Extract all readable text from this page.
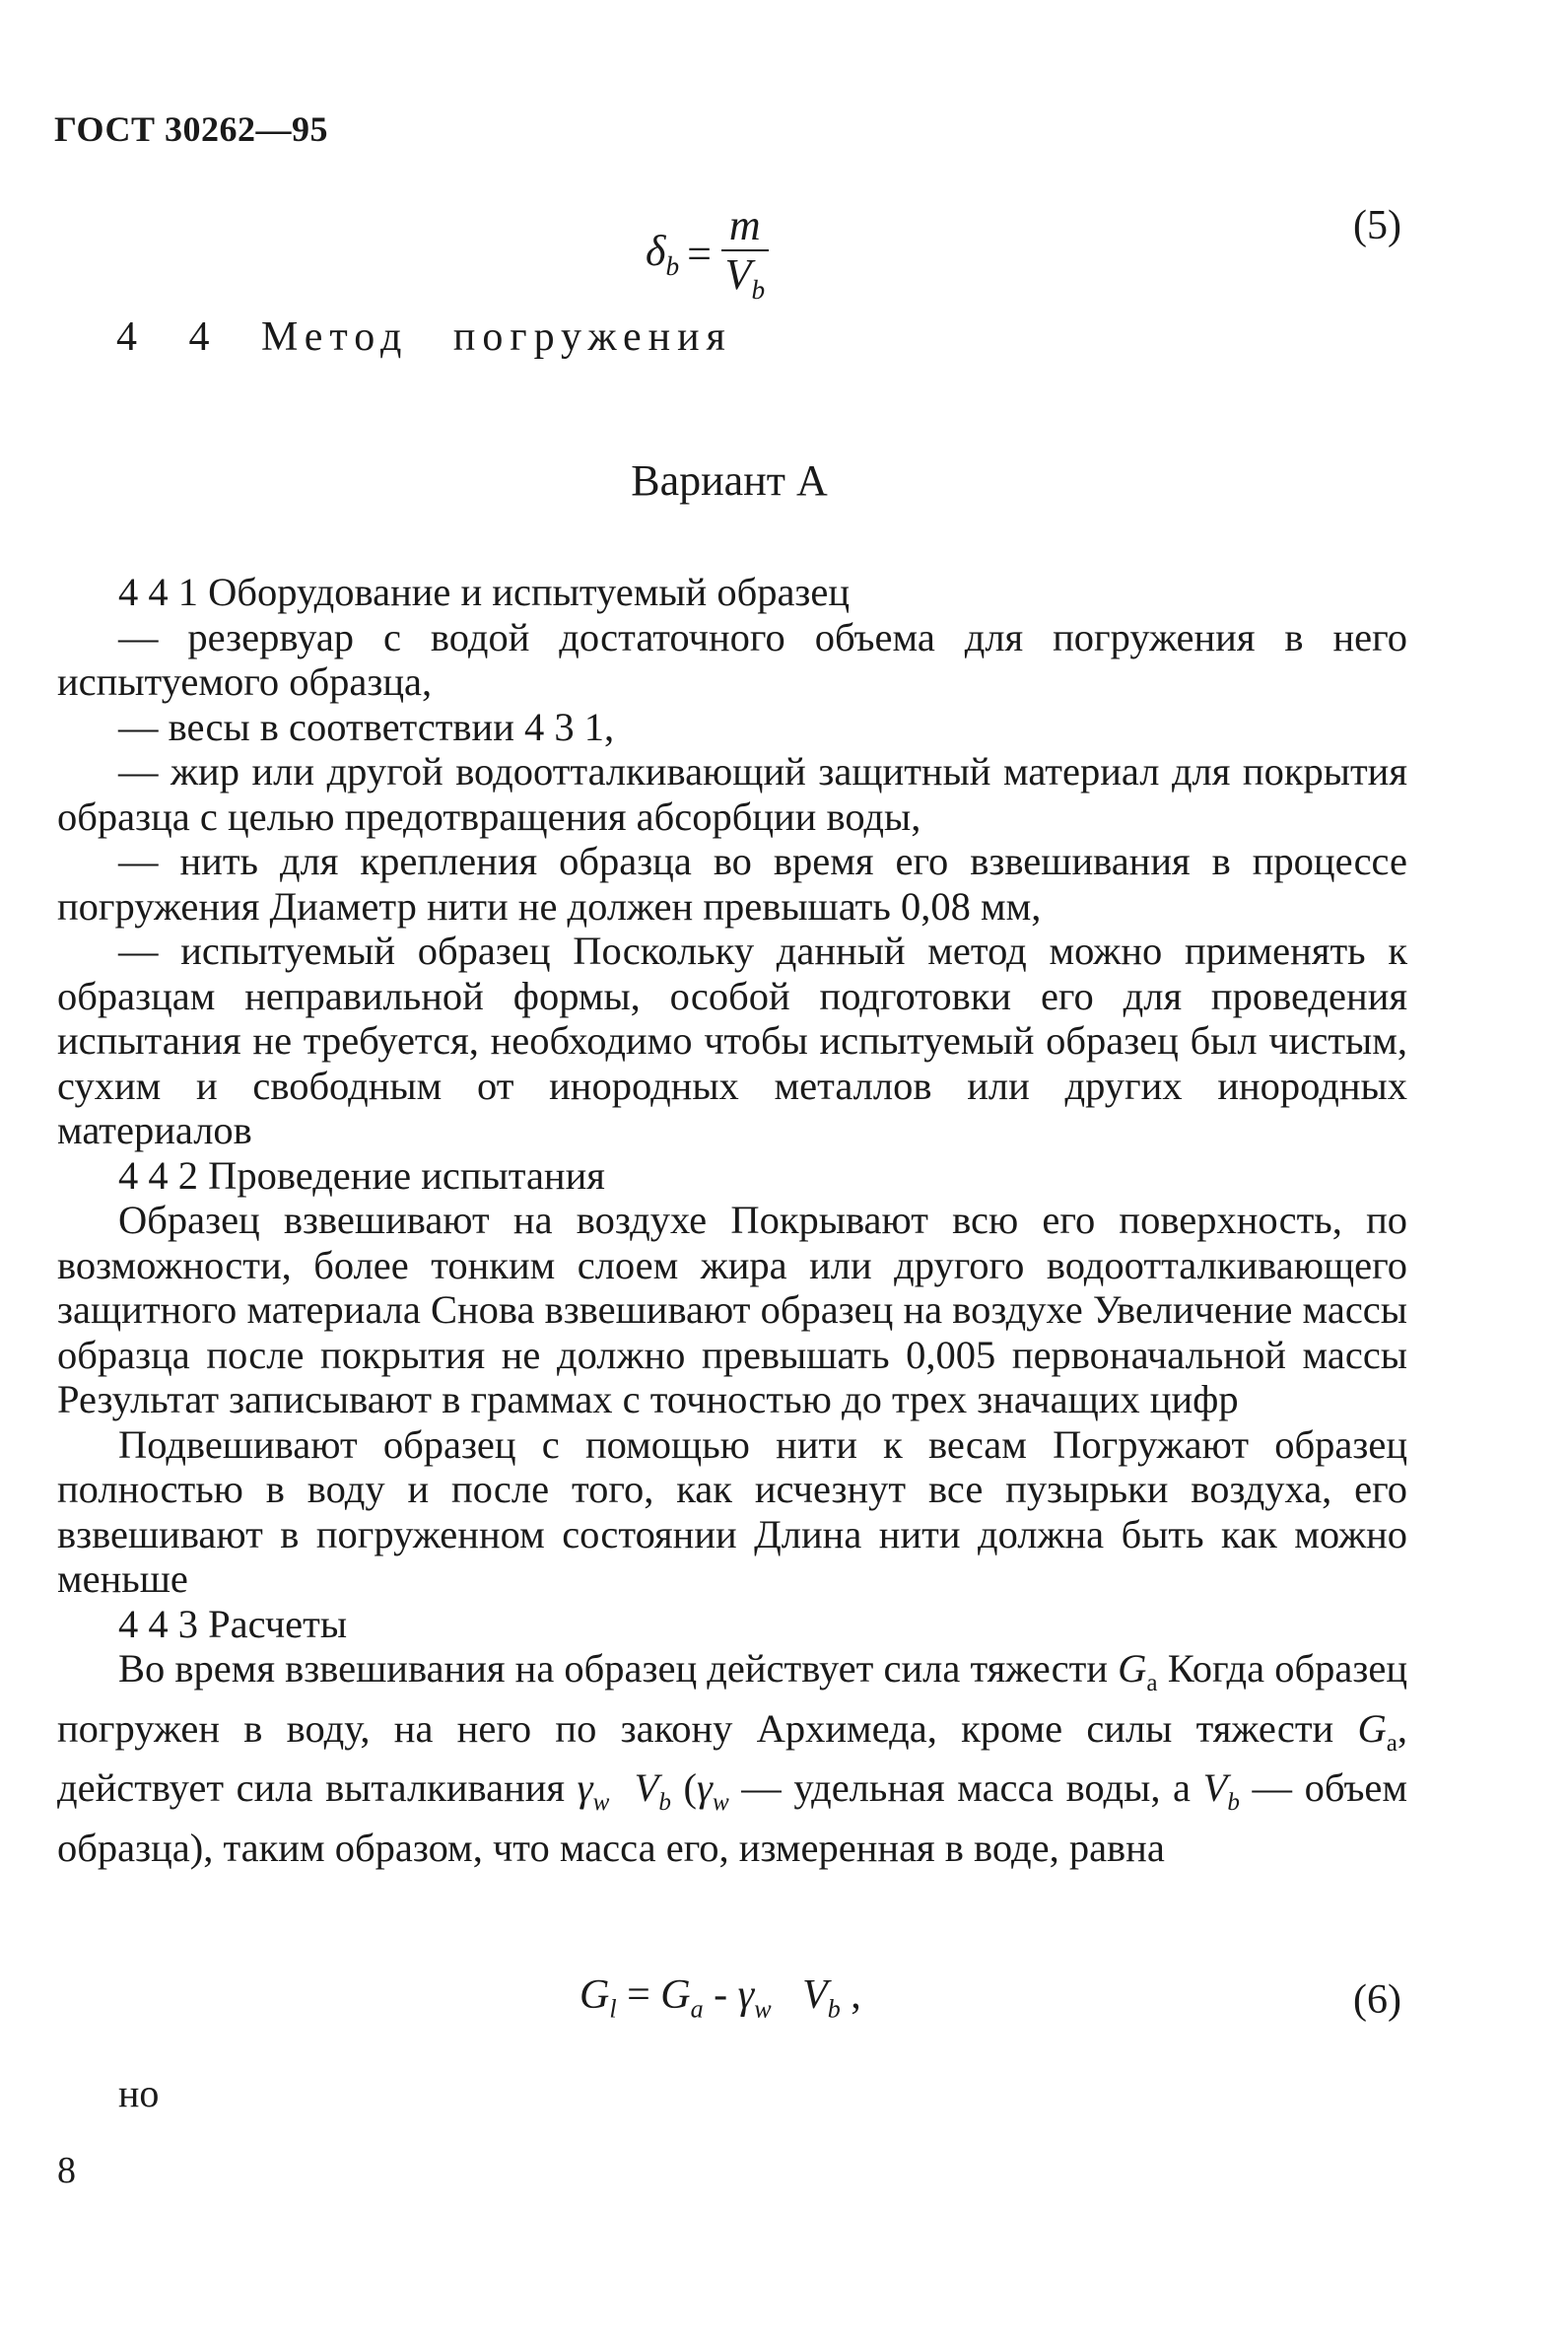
ГОСТ 30262—95
$\delta_b = \frac{m}{V_b}$	(5)
4 4 Метод погружения
Вариант А
4 4 1 Оборудование и испытуемый образец
— резервуар с водой достаточного объема для погружения в него испытуемого образца,
— весы в соответствии 4 3 1,
— жир или другой водоотталкивающий защитный материал для покрытия образца с целью предотвращения абсорбции воды,
— нить для крепления образца во время его взвешивания в процессе погружения Диаметр нити не должен превышать 0,08 мм,
— испытуемый образец Поскольку данный метод можно применять к образцам неправильной формы, особой подготовки его для проведения испытания не требуется, необходимо чтобы испытуемый образец был чистым, сухим и свободным от инородных металлов или других инородных материалов
4 4 2 Проведение испытания
Образец взвешивают на воздухе Покрывают всю его поверхность, по возможности, более тонким слоем жира или другого водоотталкивающего защитного материала Снова взвешивают образец на воздухе Увеличение массы образца после покрытия не должно превышать 0,005 первоначальной массы Результат записывают в граммах с точностью до трех значащих цифр
Подвешивают образец с помощью нити к весам Погружают образец полностью в воду и после того, как исчезнут все пузырьки воздуха, его взвешивают в погруженном состоянии Длина нити должна быть как можно меньше
4 4 3 Расчеты
Во время взвешивания на образец действует сила тяжести $G_a$ Когда образец погружен в воду, на него по закону Архимеда, кроме силы тяжести $G_a$, действует сила выталкивания $\gamma_w$ $V_b$ ($\gamma_w$ — удельная масса воды, а $V_b$ — объем образца), таким образом, что масса его, измеренная в воде, равна
$G_l = G_a - \gamma_w$ $V_b$ ,	(6)
но
8
